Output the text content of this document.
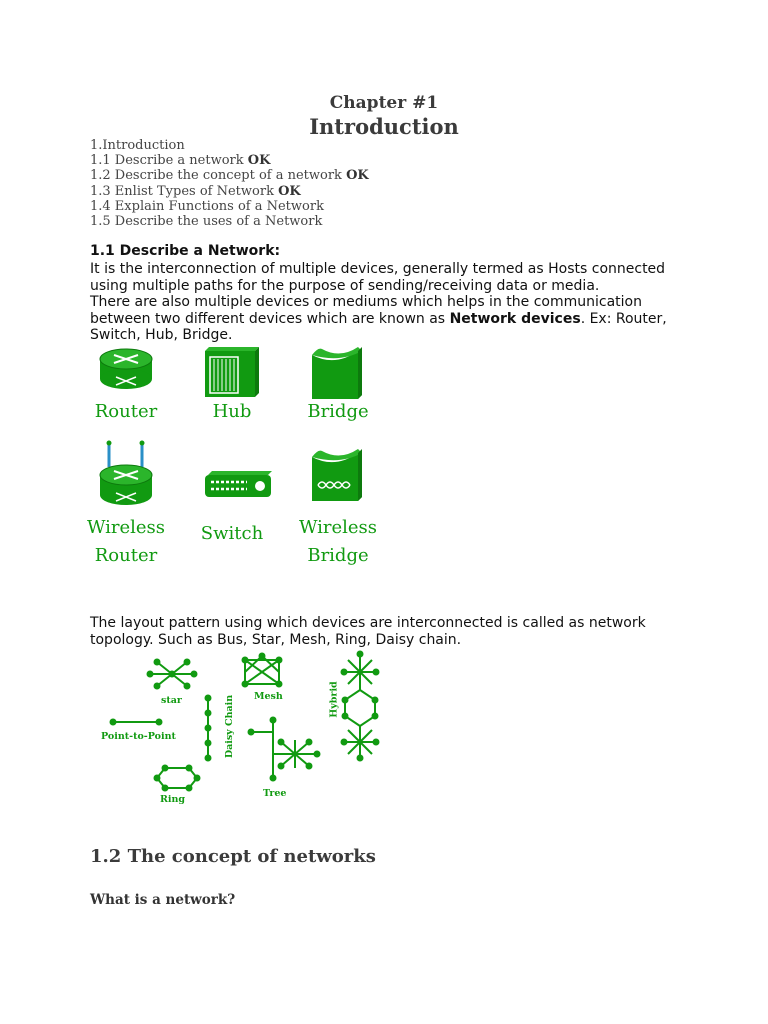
Chapter #1
Introduction
1.Introduction
1.1 Describe a network OK
1.2 Describe the concept of a network OK
1.3 Enlist Types of Network OK
1.4 Explain Functions of a Network
1.5 Describe the uses of a Network
1.1 Describe a Network:
It is the interconnection of multiple devices, generally termed as Hosts connected
using multiple paths for the purpose of sending/receiving data or media.
There are also multiple devices or mediums which helps in the communication
between two different devices which are known as Network devices. Ex: Router,
Switch, Hub, Bridge.
Router	Hub	Bridge
Wireless
Router
Switch	Wireless
Bridge
The layout pattern using which devices are interconnected is called as network
topology. Such as Bus, Star, Mesh, Ring, Daisy chain.
star	Mesh	Hybrid
Point-to-Point	Daisy Chain
Ring
Tree
1.2 The concept of networks
What is a network?
